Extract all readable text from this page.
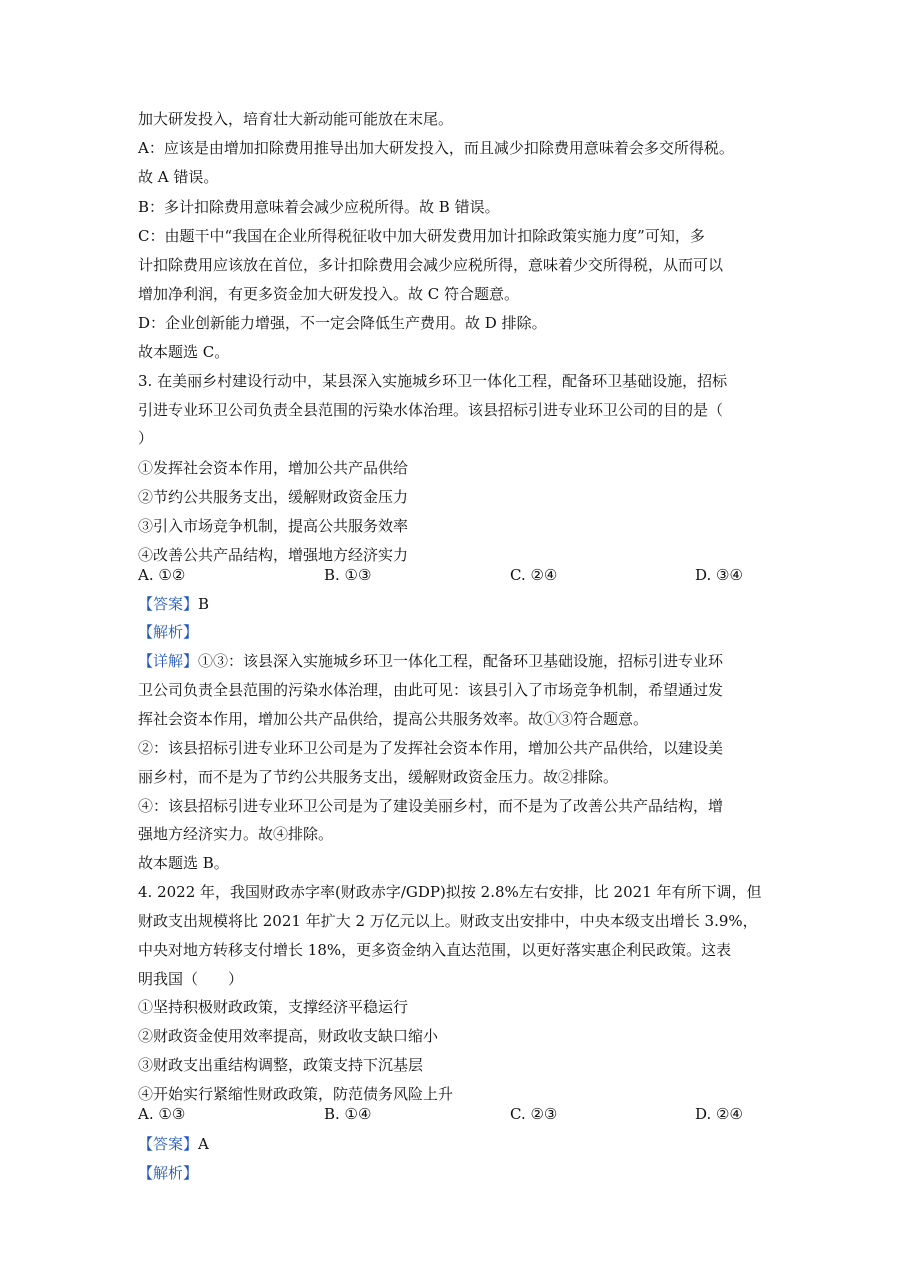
加大研发投入，培育壮大新动能可能放在末尾。
A：应该是由增加扣除费用推导出加大研发投入，而且减少扣除费用意味着会多交所得税。
故 A 错误。
B：多计扣除费用意味着会减少应税所得。故 B 错误。
C：由题干中“我国在企业所得税征收中加大研发费用加计扣除政策实施力度”可知，多
计扣除费用应该放在首位，多计扣除费用会减少应税所得，意味着少交所得税，从而可以
增加净利润，有更多资金加大研发投入。故 C 符合题意。
D：企业创新能力增强，不一定会降低生产费用。故 D 排除。
故本题选 C。
3. 在美丽乡村建设行动中，某县深入实施城乡环卫一体化工程，配备环卫基础设施，招标
引进专业环卫公司负责全县范围的污染水体治理。该县招标引进专业环卫公司的目的是（
）
①发挥社会资本作用，增加公共产品供给
②节约公共服务支出，缓解财政资金压力
③引入市场竞争机制，提高公共服务效率
④改善公共产品结构，增强地方经济实力
A. ①②	B. ①③	C. ②④	D. ③④
【答案】B
【解析】
【详解】①③：该县深入实施城乡环卫一体化工程，配备环卫基础设施，招标引进专业环
卫公司负责全县范围的污染水体治理，由此可见：该县引入了市场竞争机制，希望通过发
挥社会资本作用，增加公共产品供给，提高公共服务效率。故①③符合题意。
②：该县招标引进专业环卫公司是为了发挥社会资本作用，增加公共产品供给，以建设美
丽乡村，而不是为了节约公共服务支出，缓解财政资金压力。故②排除。
④：该县招标引进专业环卫公司是为了建设美丽乡村，而不是为了改善公共产品结构，增
强地方经济实力。故④排除。
故本题选 B。
4. 2022 年，我国财政赤字率(财政赤字/GDP)拟按 2.8%左右安排，比 2021 年有所下调，但
财政支出规模将比 2021 年扩大 2 万亿元以上。财政支出安排中，中央本级支出增长 3.9%，
中央对地方转移支付增长 18%，更多资金纳入直达范围，以更好落实惠企利民政策。这表
明我国（　　）
①坚持积极财政政策，支撑经济平稳运行
②财政资金使用效率提高，财政收支缺口缩小
③财政支出重结构调整，政策支持下沉基层
④开始实行紧缩性财政政策，防范债务风险上升
A. ①③	B. ①④	C. ②③	D. ②④
【答案】A
【解析】
